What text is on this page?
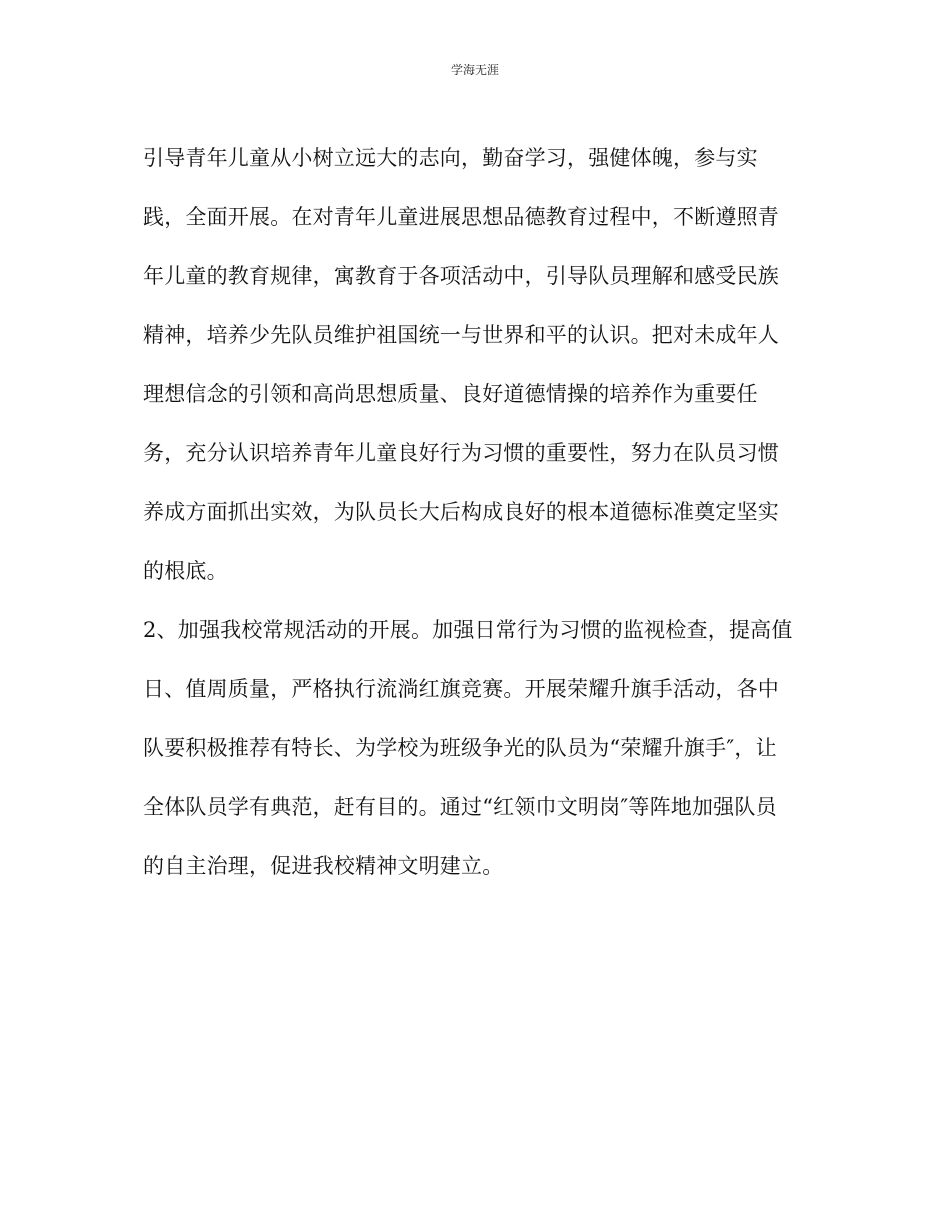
学海无涯
引导青年儿童从小树立远大的志向，勤奋学习，强健体魄，参与实
践，全面开展。在对青年儿童进展思想品德教育过程中，不断遵照青
年儿童的教育规律，寓教育于各项活动中，引导队员理解和感受民族
精神，培养少先队员维护祖国统一与世界和平的认识。把对未成年人
理想信念的引领和高尚思想质量、良好道德情操的培养作为重要任
务，充分认识培养青年儿童良好行为习惯的重要性，努力在队员习惯
养成方面抓出实效，为队员长大后构成良好的根本道德标准奠定坚实
的根底。
2、加强我校常规活动的开展。加强日常行为习惯的监视检查，提高值
日、值周质量，严格执行流淌红旗竞赛。开展荣耀升旗手活动，各中
队要积极推荐有特长、为学校为班级争光的队员为“荣耀升旗手″，让
全体队员学有典范，赶有目的。通过“红领巾文明岗″等阵地加强队员
的自主治理，促进我校精神文明建立。
